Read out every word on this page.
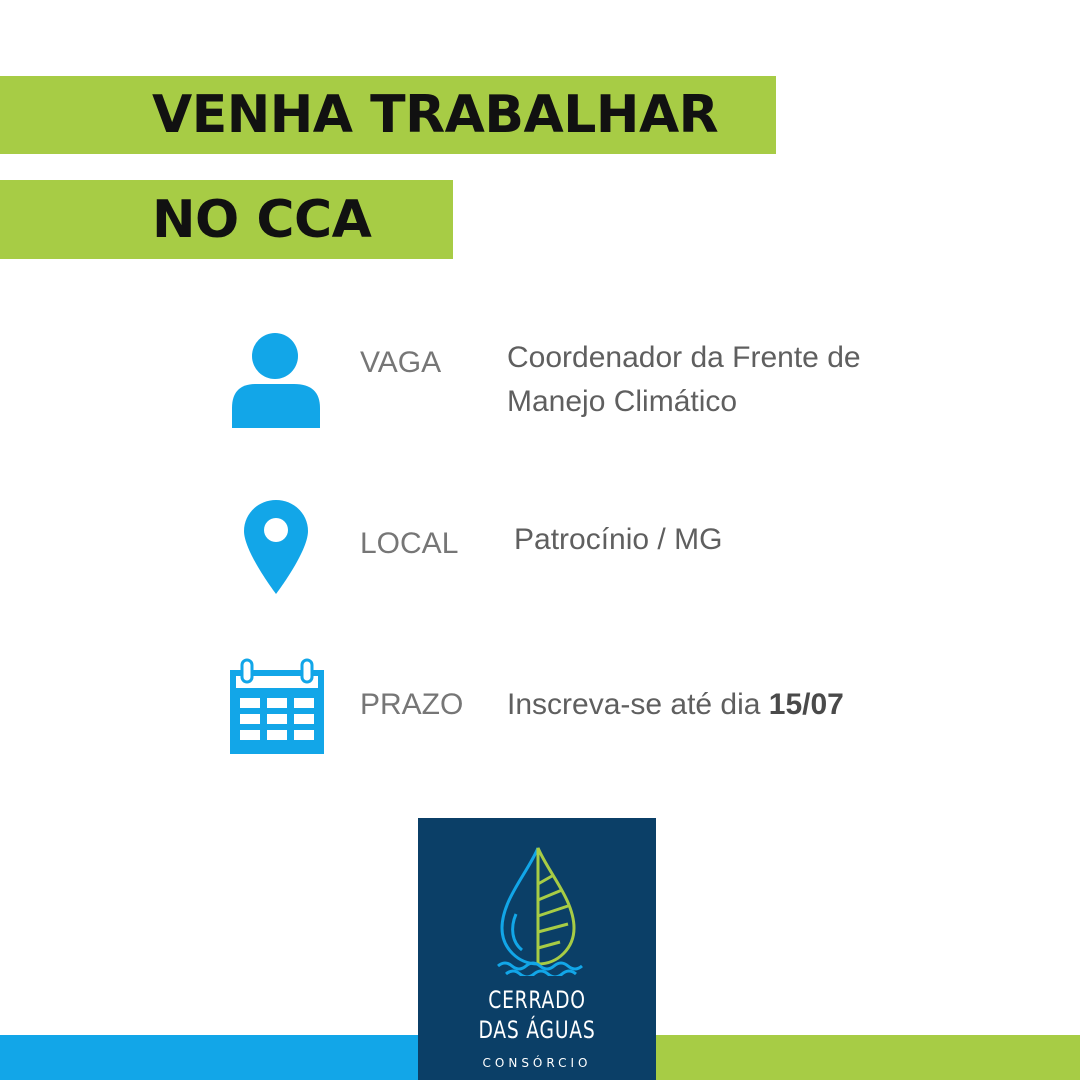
VENHA TRABALHAR
NO CCA
VAGA Coordenador da Frente de
Manejo Climático
LOCAL Patrocínio / MG
PRAZO Inscreva-se até dia 15/07
CERRADO
DAS ÁGUAS
CONSÓRCIO
